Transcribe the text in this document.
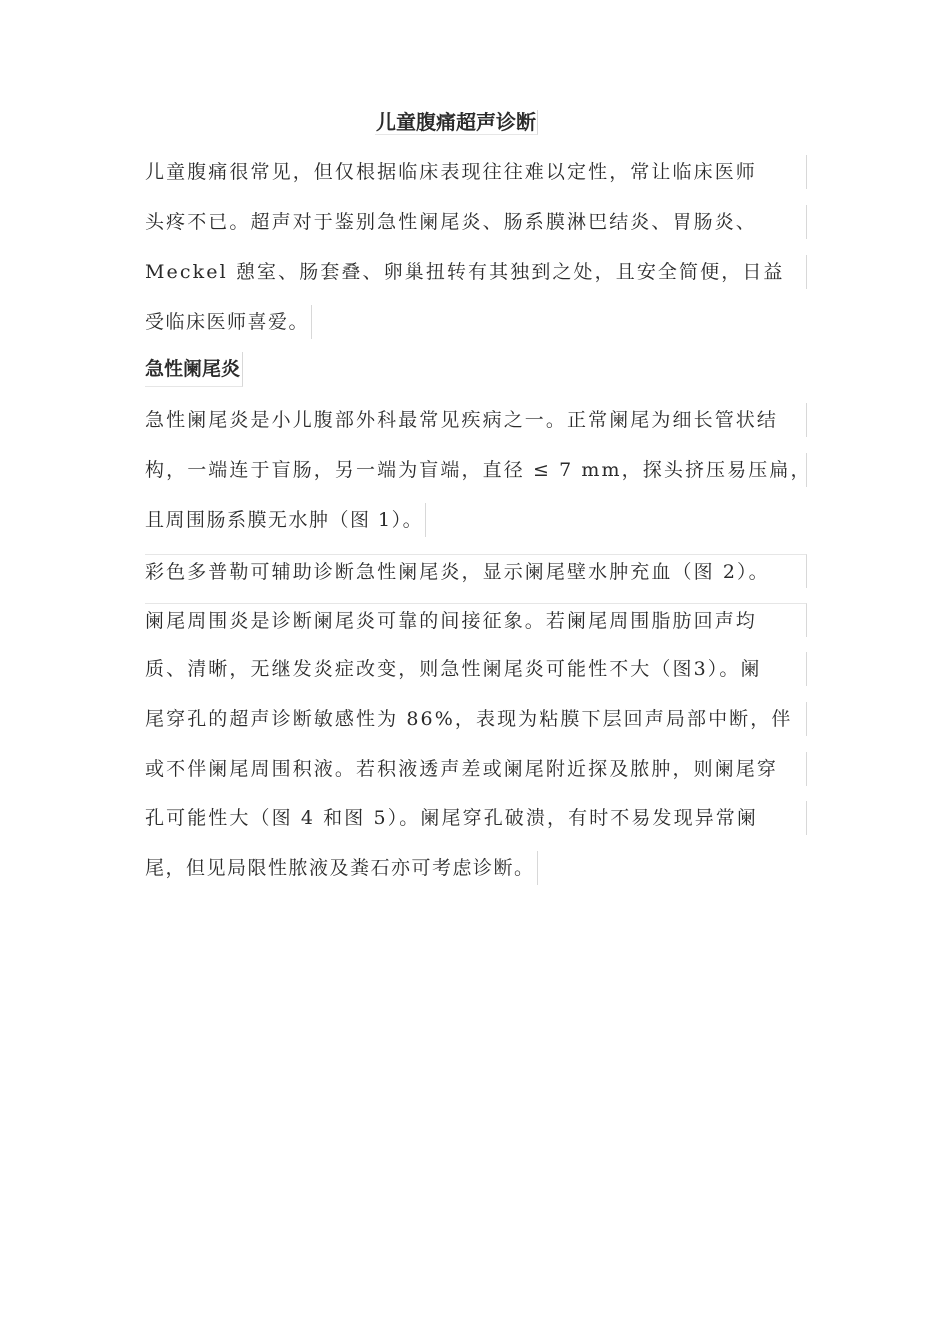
儿童腹痛超声诊断
儿童腹痛很常见，但仅根据临床表现往往难以定性，常让临床医师
头疼不已。超声对于鉴别急性阑尾炎、肠系膜淋巴结炎、胃肠炎、
Meckel 憩室、肠套叠、卵巢扭转有其独到之处，且安全简便，日益
受临床医师喜爱。
急性阑尾炎
急性阑尾炎是小儿腹部外科最常见疾病之一。正常阑尾为细长管状结
构，一端连于盲肠，另一端为盲端，直径 ≤ 7 mm，探头挤压易压扁，
且周围肠系膜无水肿（图 1）。
彩色多普勒可辅助诊断急性阑尾炎，显示阑尾壁水肿充血（图 2）。
阑尾周围炎是诊断阑尾炎可靠的间接征象。若阑尾周围脂肪回声均
质、清晰，无继发炎症改变，则急性阑尾炎可能性不大（图3）。阑
尾穿孔的超声诊断敏感性为 86%，表现为粘膜下层回声局部中断，伴
或不伴阑尾周围积液。若积液透声差或阑尾附近探及脓肿，则阑尾穿
孔可能性大（图 4 和图 5）。阑尾穿孔破溃，有时不易发现异常阑
尾，但见局限性脓液及粪石亦可考虑诊断。
